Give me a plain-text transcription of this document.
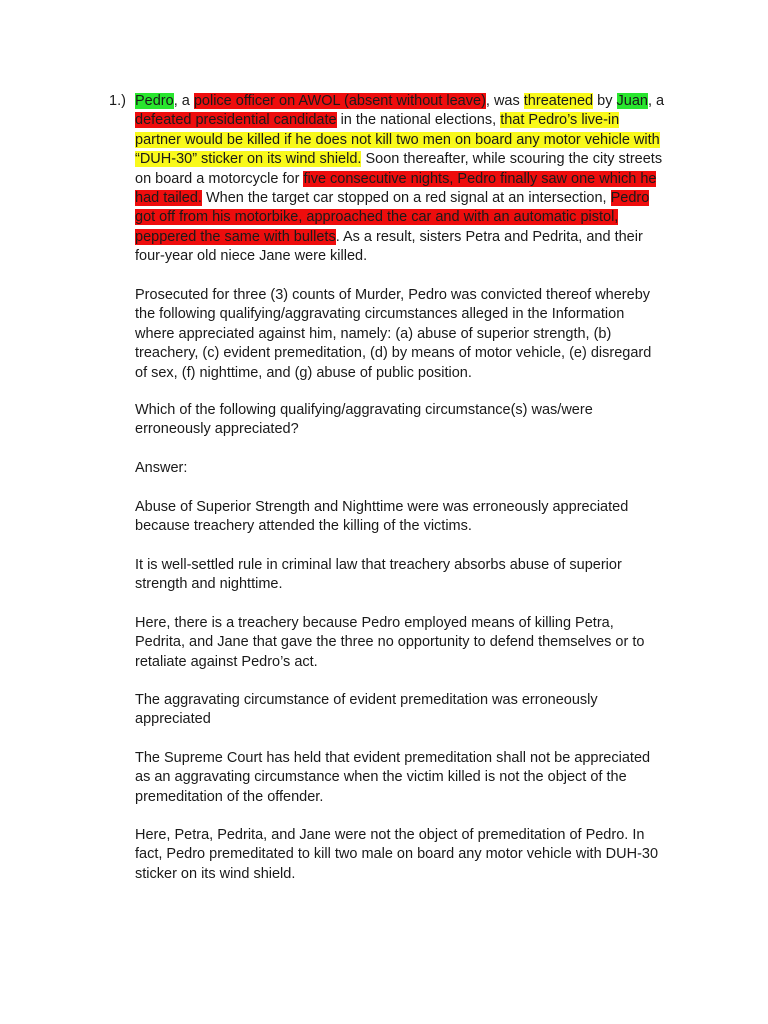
1.) Pedro, a police officer on AWOL (absent without leave), was threatened by Juan, a defeated presidential candidate in the national elections, that Pedro’s live-in partner would be killed if he does not kill two men on board any motor vehicle with “DUH-30” sticker on its wind shield. Soon thereafter, while scouring the city streets on board a motorcycle for five consecutive nights, Pedro finally saw one which he had tailed. When the target car stopped on a red signal at an intersection, Pedro got off from his motorbike, approached the car and with an automatic pistol, peppered the same with bullets. As a result, sisters Petra and Pedrita, and their four-year old niece Jane were killed.

Prosecuted for three (3) counts of Murder, Pedro was convicted thereof whereby the following qualifying/aggravating circumstances alleged in the Information where appreciated against him, namely: (a) abuse of superior strength, (b) treachery, (c) evident premeditation, (d) by means of motor vehicle, (e) disregard of sex, (f) nighttime, and (g) abuse of public position.

Which of the following qualifying/aggravating circumstance(s) was/were erroneously appreciated?

Answer:

Abuse of Superior Strength and Nighttime were was erroneously appreciated because treachery attended the killing of the victims.

It is well-settled rule in criminal law that treachery absorbs abuse of superior strength and nighttime.

Here, there is a treachery because Pedro employed means of killing Petra, Pedrita, and Jane that gave the three no opportunity to defend themselves or to retaliate against Pedro’s act.

The aggravating circumstance of evident premeditation was erroneously appreciated

The Supreme Court has held that evident premeditation shall not be appreciated as an aggravating circumstance when the victim killed is not the object of the premeditation of the offender.

Here, Petra, Pedrita, and Jane were not the object of premeditation of Pedro. In fact, Pedro premeditated to kill two male on board any motor vehicle with DUH-30 sticker on its wind shield.
